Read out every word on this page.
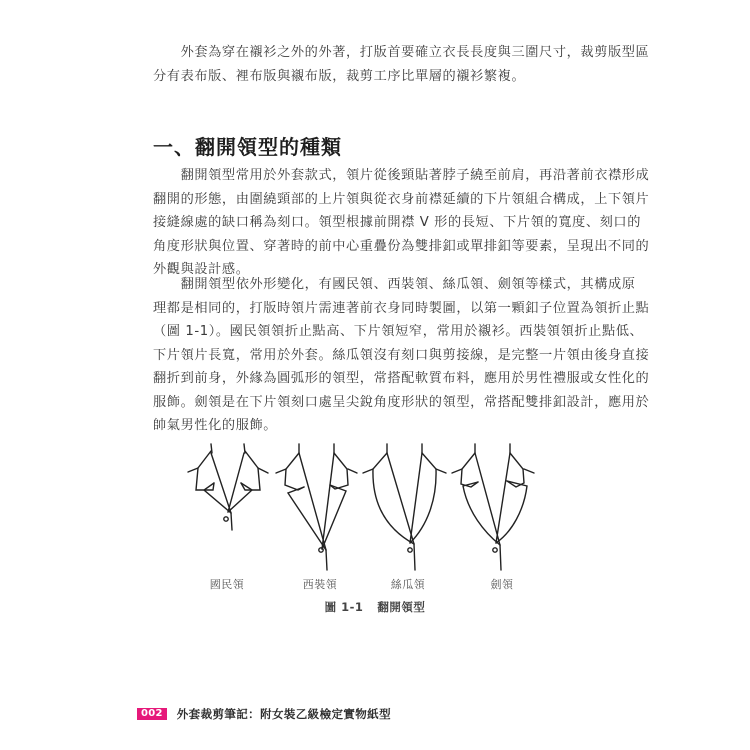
　　外套為穿在襯衫之外的外著，打版首要確立衣長長度與三圍尺寸，裁剪版型區
分有表布版、裡布版與襯布版，裁剪工序比單層的襯衫繁複。

一、翻開領型的種類

　　翻開領型常用於外套款式，領片從後頸貼著脖子繞至前肩，再沿著前衣襟形成
翻開的形態，由圍繞頸部的上片領與從衣身前襟延續的下片領組合構成，上下領片
接縫線處的缺口稱為刻口。領型根據前開襟 V 形的長短、下片領的寬度、刻口的
角度形狀與位置、穿著時的前中心重疊份為雙排釦或單排釦等要素，呈現出不同的
外觀與設計感。

　　翻開領型依外形變化，有國民領、西裝領、絲瓜領、劍領等樣式，其構成原
理都是相同的，打版時領片需連著前衣身同時製圖，以第一顆釦子位置為領折止點
（圖 1-1）。國民領領折止點高、下片領短窄，常用於襯衫。西裝領領折止點低、
下片領片長寬，常用於外套。絲瓜領沒有刻口與剪接線，是完整一片領由後身直接
翻折到前身，外緣為圓弧形的領型，常搭配軟質布料，應用於男性禮服或女性化的
服飾。劍領是在下片領刻口處呈尖銳角度形狀的領型，常搭配雙排釦設計，應用於
帥氣男性化的服飾。

國民領	西裝領	絲瓜領	劍領
圖 1-1 翻開領型
002	外套裁剪筆記：附女裝乙級檢定實物紙型
